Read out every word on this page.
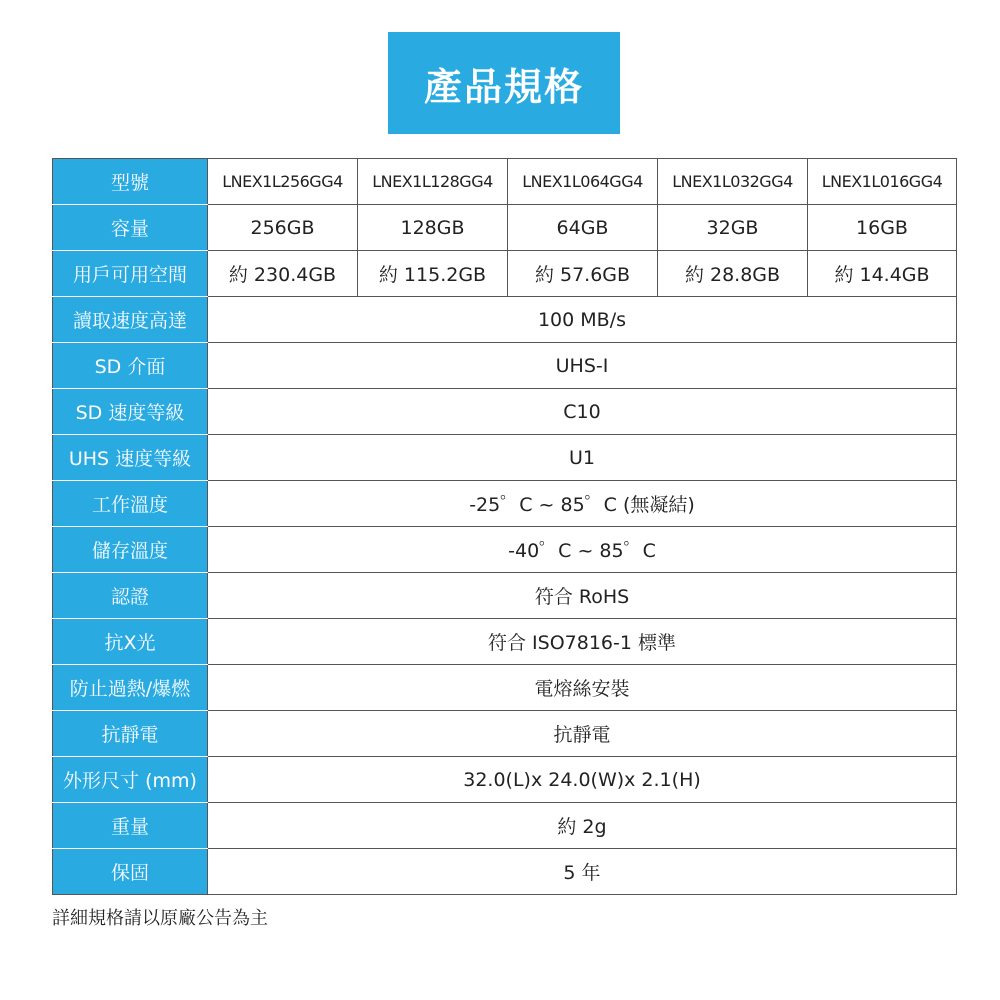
產品規格
型號	LNEX1L256GG4	LNEX1L128GG4	LNEX1L064GG4	LNEX1L032GG4	LNEX1L016GG4
容量	256GB	128GB	64GB	32GB	16GB
用戶可用空間	約 230.4GB	約 115.2GB	約 57.6GB	約 28.8GB	約 14.4GB
讀取速度高達	100 MB/s				
SD 介面	UHS-I				
SD 速度等級	C10				
UHS 速度等級	U1				
工作溫度	-25゜C ~ 85゜C (無凝結)				
儲存溫度	-40゜C ~ 85゜C				
認證	符合 RoHS				
抗X光	符合 ISO7816-1 標準				
防止過熱/爆燃	電熔絲安裝				
抗靜電	抗靜電				
外形尺寸 (mm)	32.0(L)x 24.0(W)x 2.1(H)				
重量	約 2g				
保固	5 年				
詳細規格請以原廠公告為主
